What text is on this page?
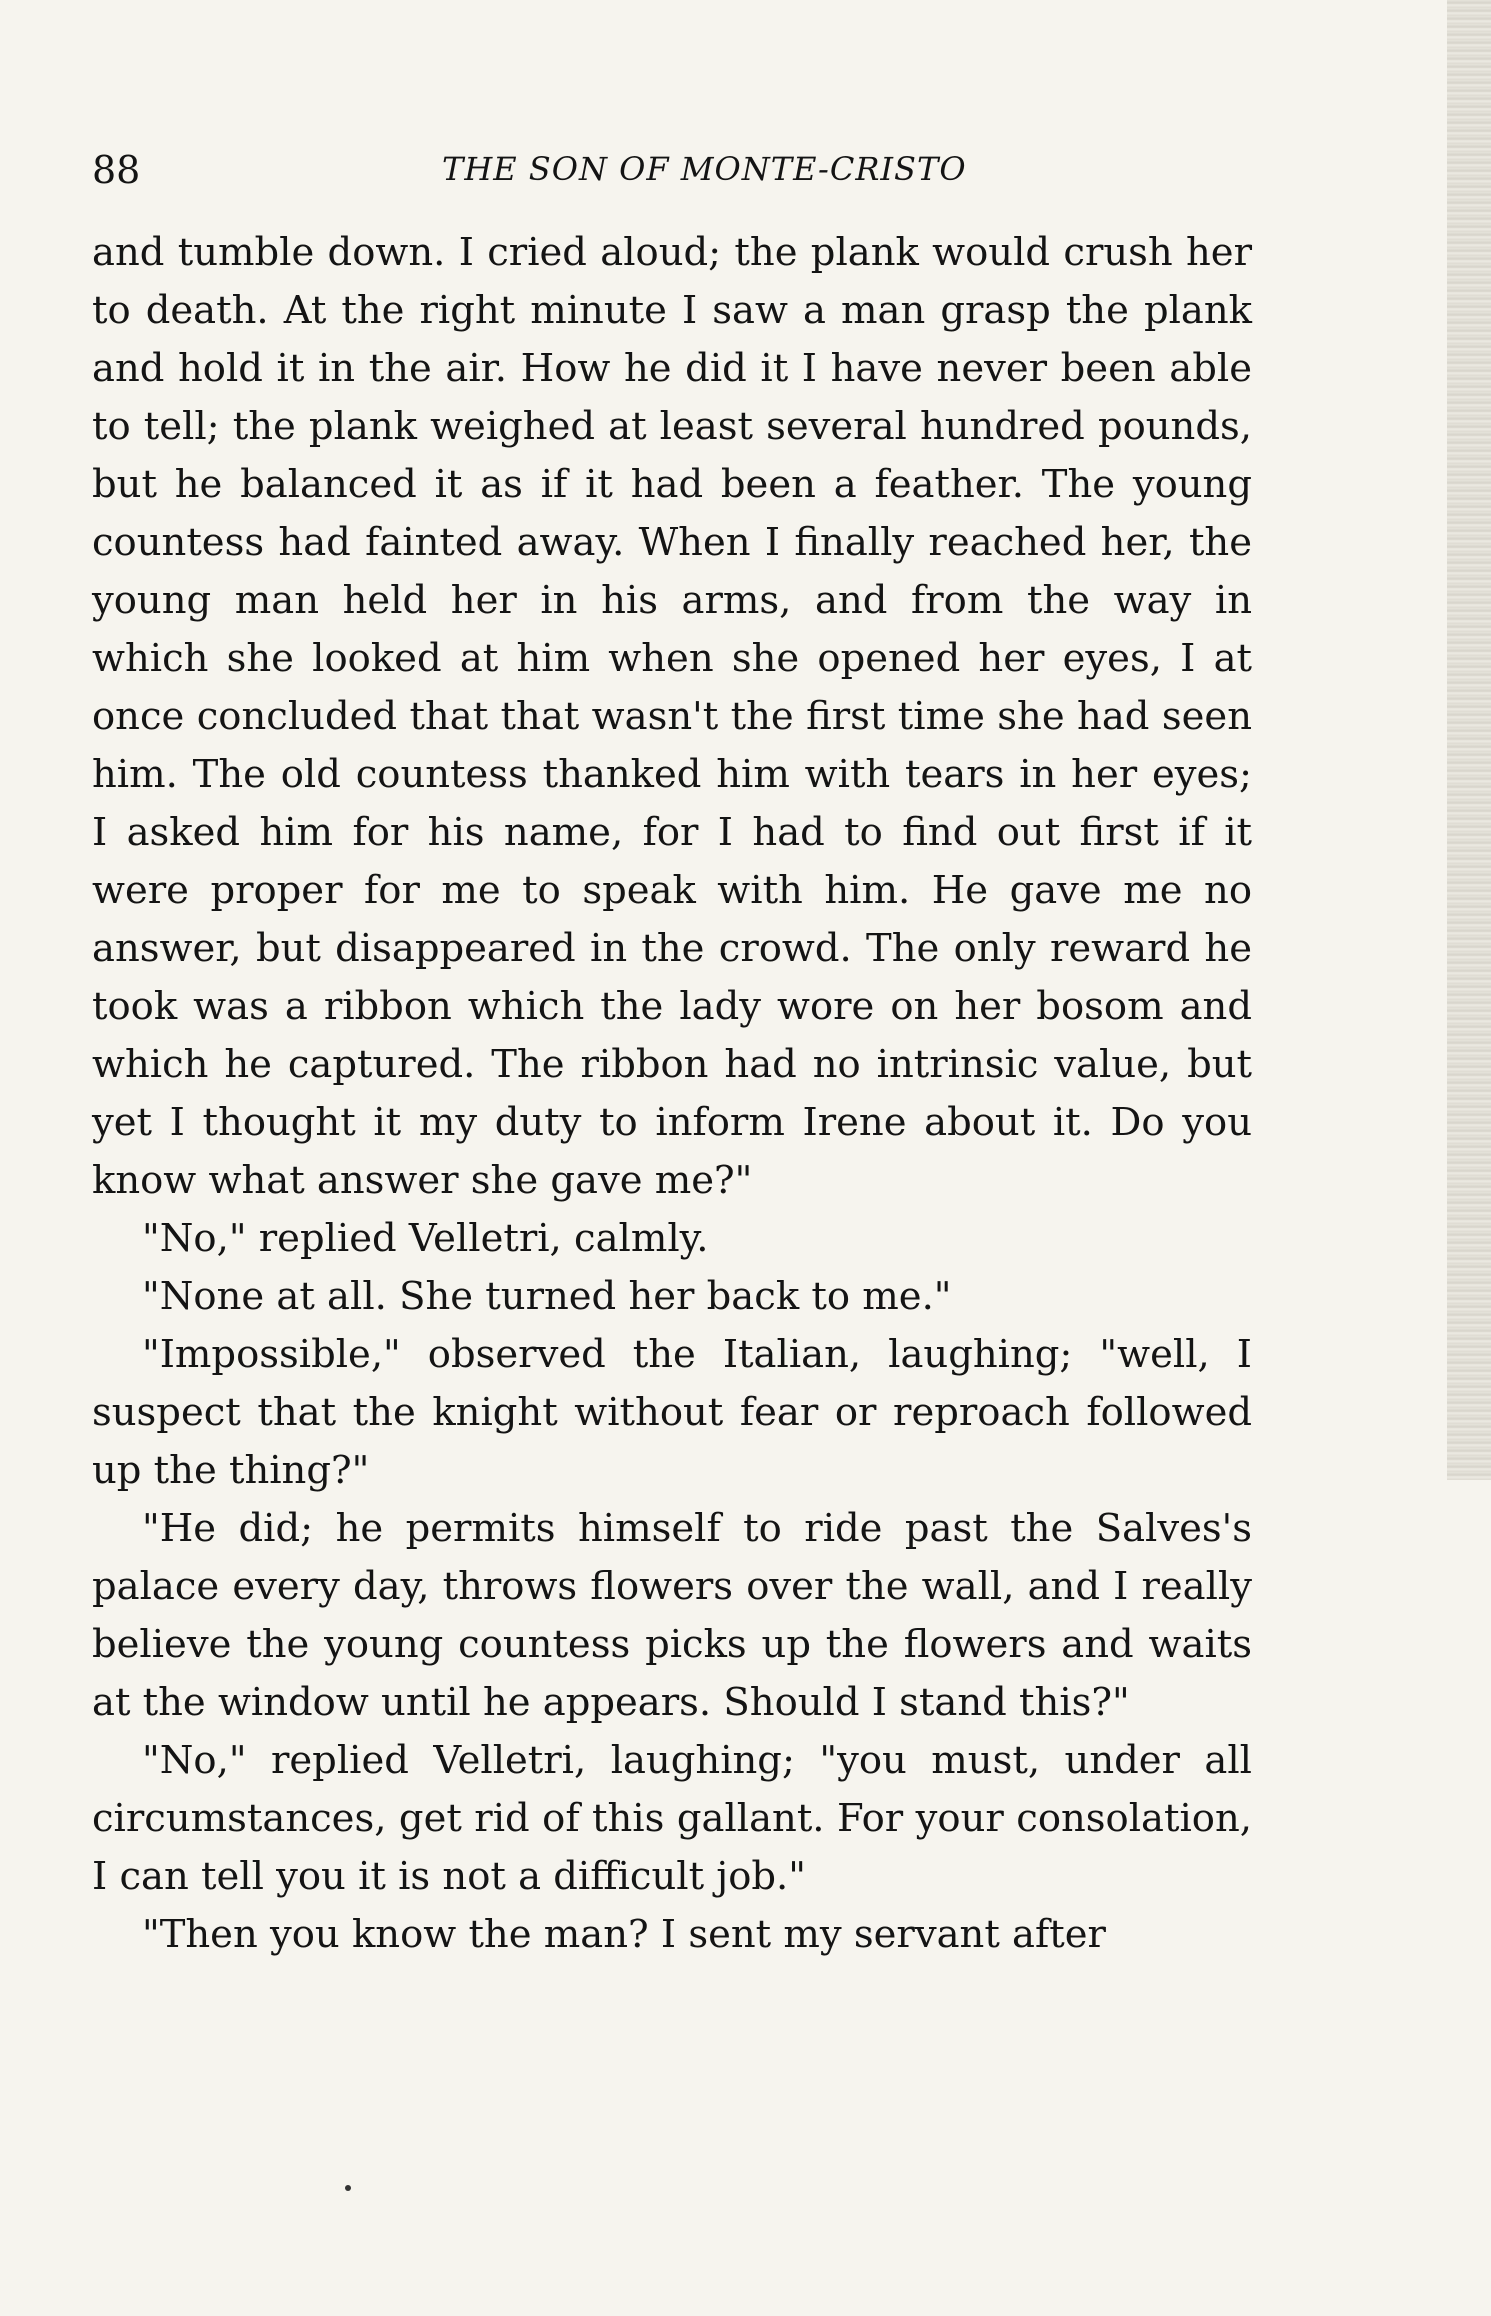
88	THE SON OF MONTE-CRISTO

and tumble down. I cried aloud; the plank would crush her to death. At the right minute I saw a man grasp the plank and hold it in the air. How he did it I have never been able to tell; the plank weighed at least several hundred pounds, but he balanced it as if it had been a feather. The young countess had fainted away. When I finally reached her, the young man held her in his arms, and from the way in which she looked at him when she opened her eyes, I at once concluded that that wasn't the first time she had seen him. The old countess thanked him with tears in her eyes; I asked him for his name, for I had to find out first if it were proper for me to speak with him. He gave me no answer, but disappeared in the crowd. The only reward he took was a ribbon which the lady wore on her bosom and which he captured. The ribbon had no intrinsic value, but yet I thought it my duty to inform Irene about it. Do you know what answer she gave me?"

"No," replied Velletri, calmly.

"None at all. She turned her back to me."

"Impossible," observed the Italian, laughing; "well, I suspect that the knight without fear or reproach followed up the thing?"

"He did; he permits himself to ride past the Salves's palace every day, throws flowers over the wall, and I really believe the young countess picks up the flowers and waits at the window until he appears. Should I stand this?"

"No," replied Velletri, laughing; "you must, under all circumstances, get rid of this gallant. For your consolation, I can tell you it is not a difficult job."

"Then you know the man? I sent my servant after
